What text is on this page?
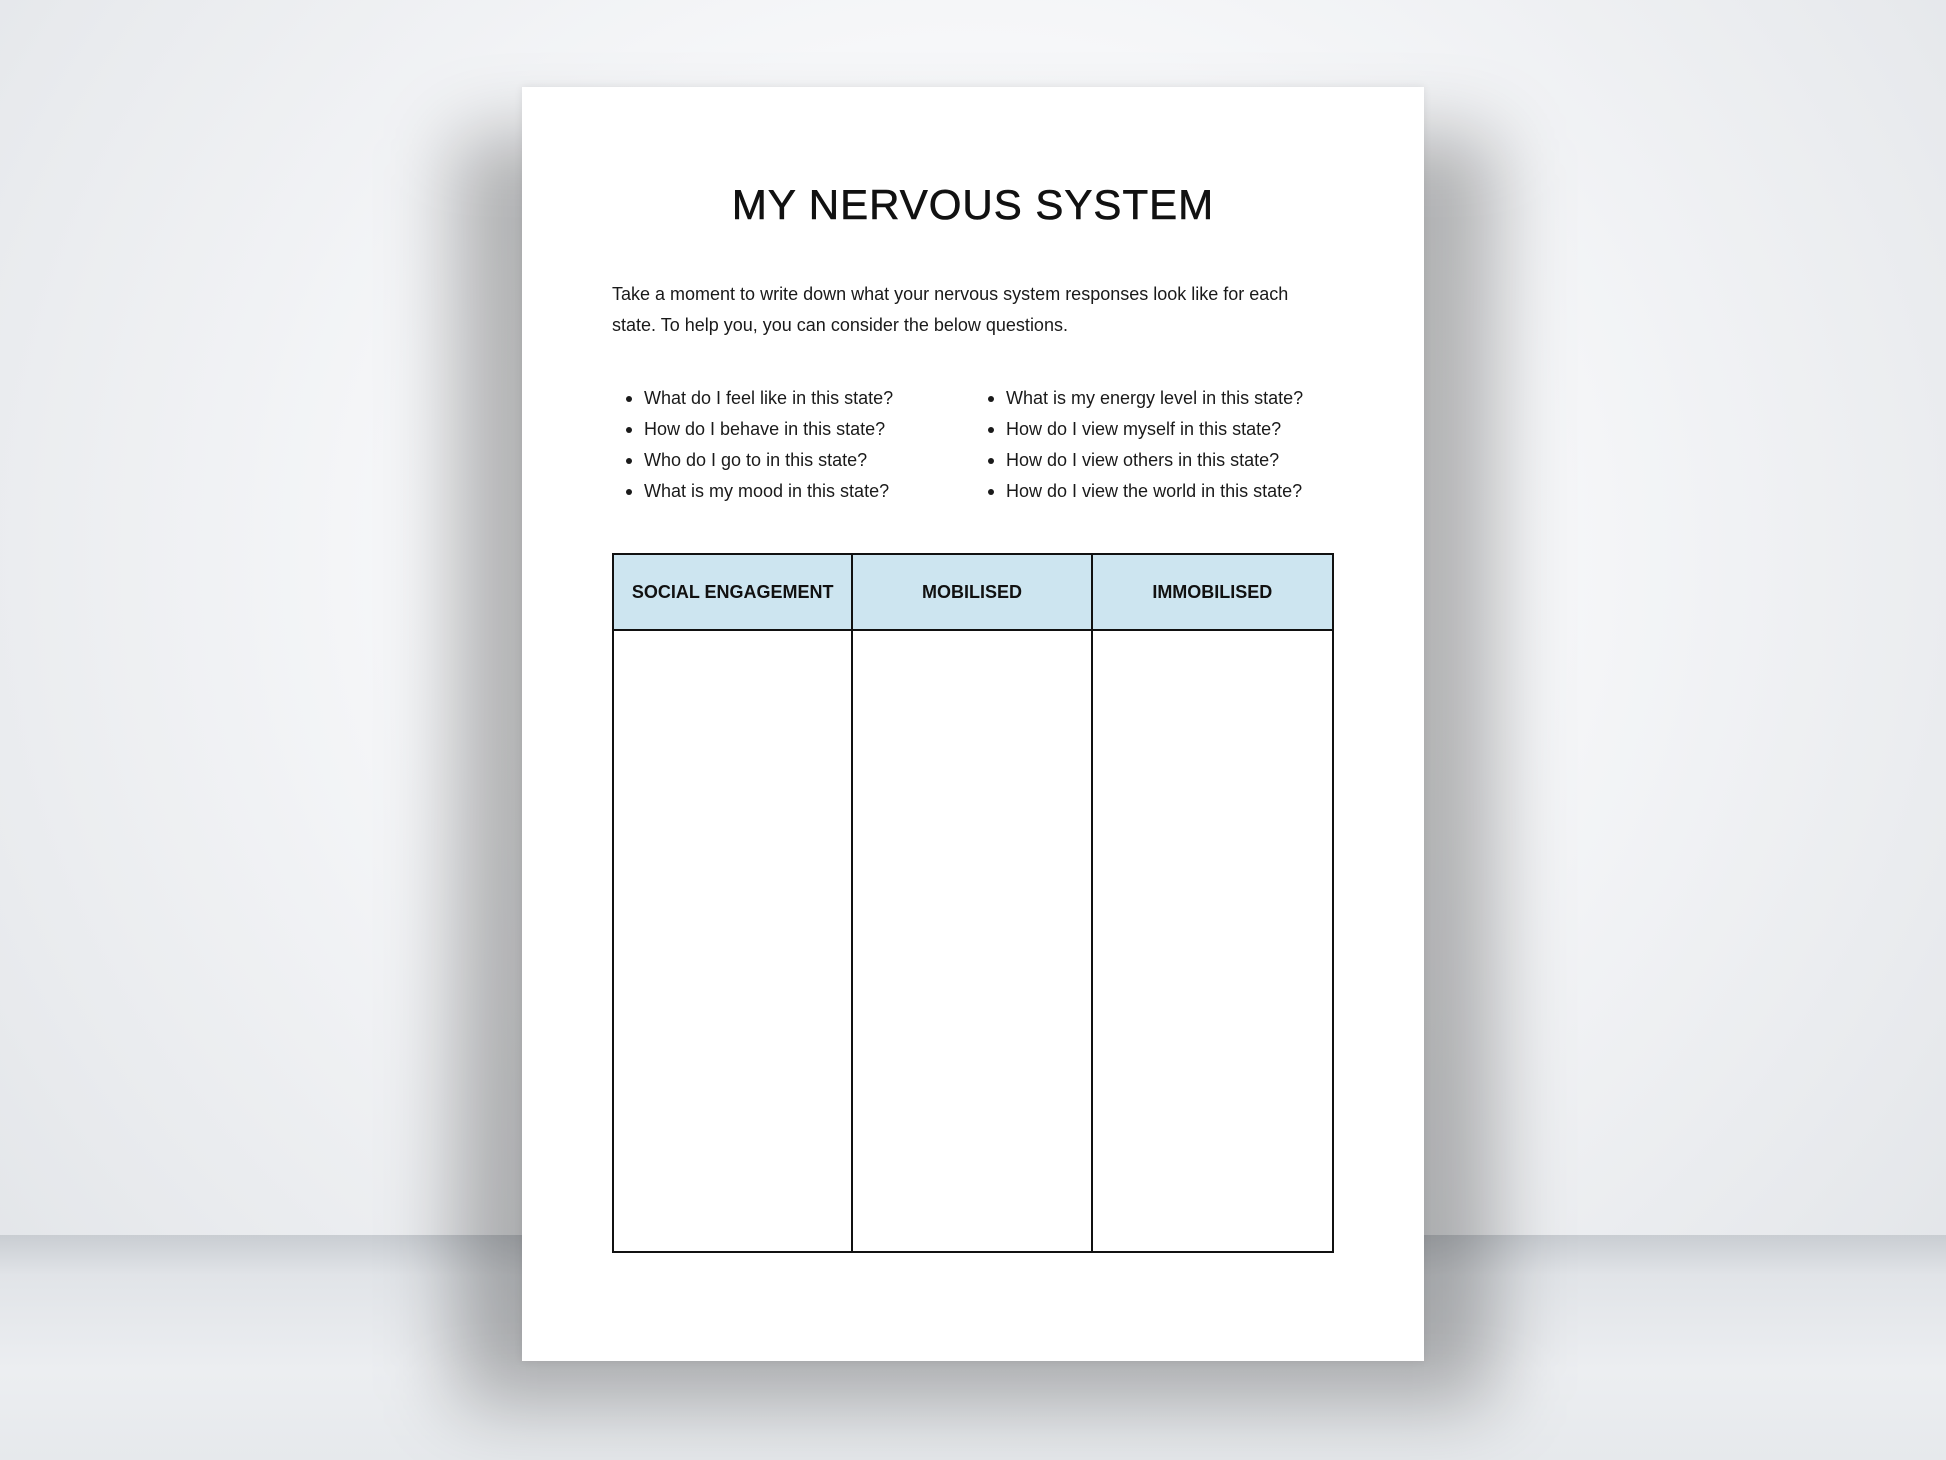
MY NERVOUS SYSTEM

Take a moment to write down what your nervous system responses look like for each state. To help you, you can consider the below questions.

What do I feel like in this state?
How do I behave in this state?
Who do I go to in this state?
What is my mood in this state?
What is my energy level in this state?
How do I view myself in this state?
How do I view others in this state?
How do I view the world in this state?
SOCIAL ENGAGEMENT	MOBILISED	IMMOBILISED
